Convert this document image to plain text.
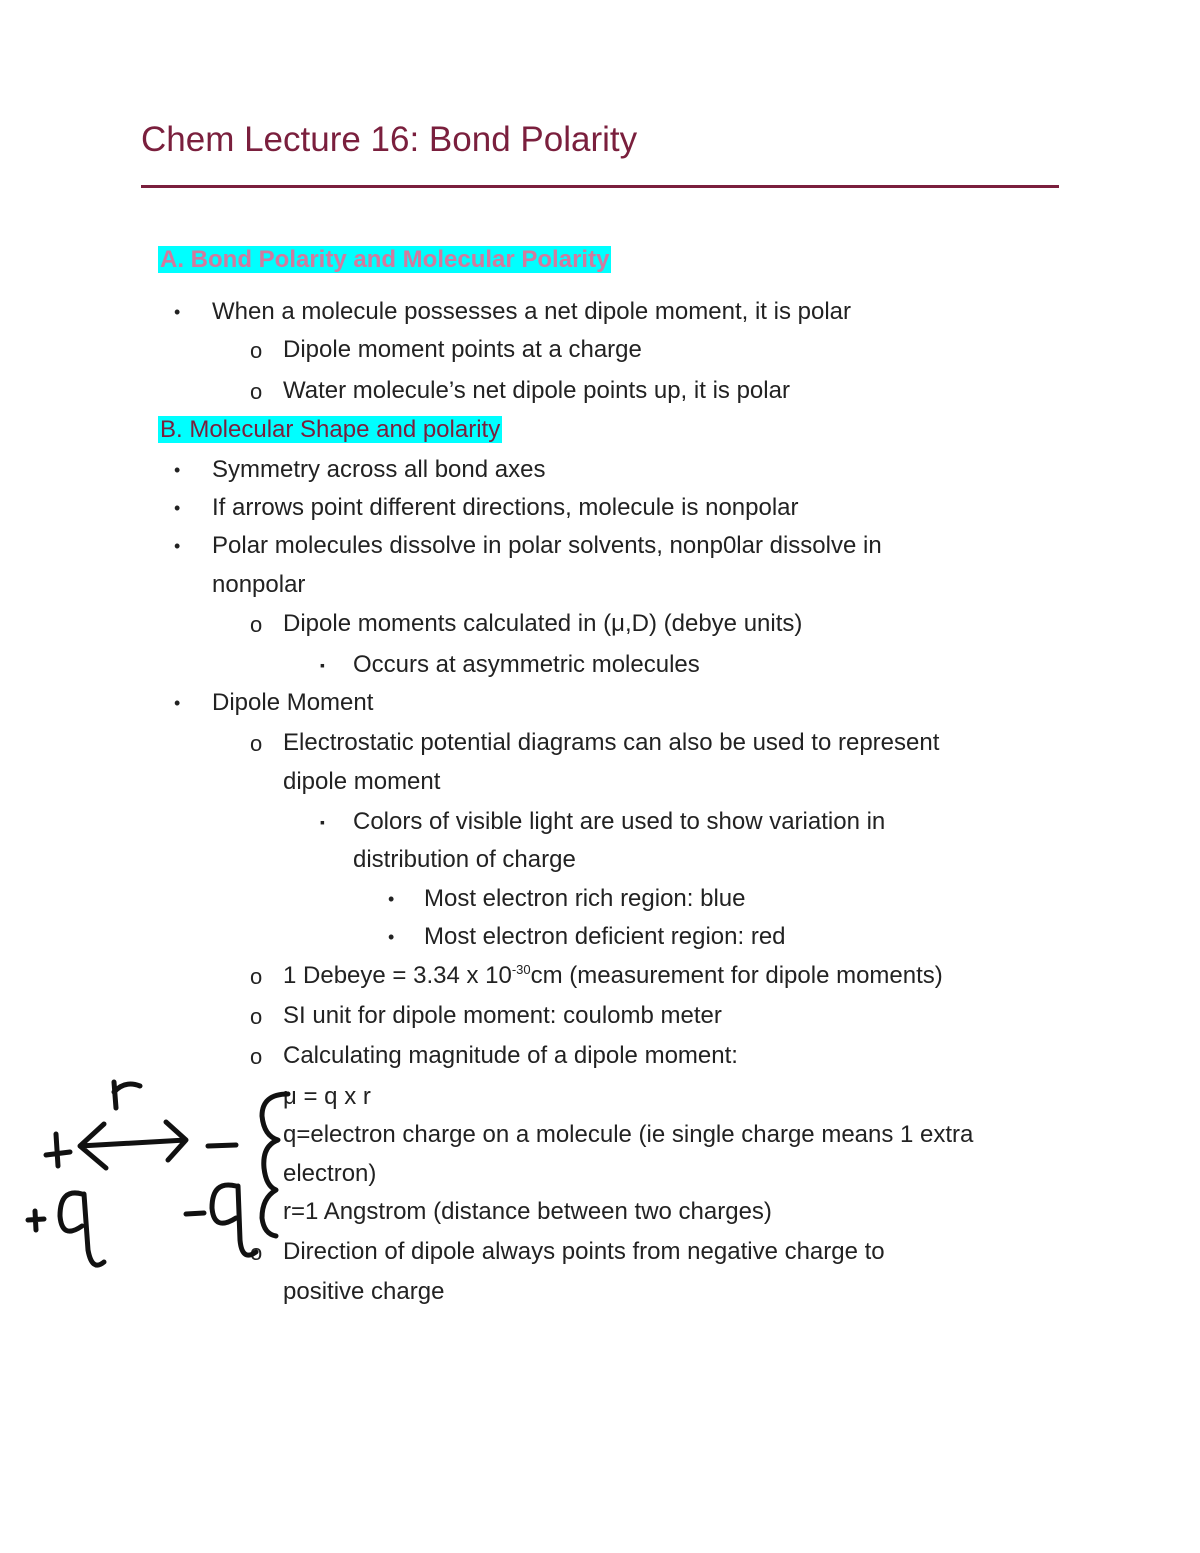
Chem Lecture 16: Bond Polarity
A. Bond Polarity and Molecular Polarity
• When a molecule possesses a net dipole moment, it is polar
o Dipole moment points at a charge
o Water molecule’s net dipole points up, it is polar
B. Molecular Shape and polarity
• Symmetry across all bond axes
• If arrows point different directions, molecule is nonpolar
• Polar molecules dissolve in polar solvents, nonp0lar dissolve in
nonpolar
o Dipole moments calculated in (μ,D) (debye units)
▪ Occurs at asymmetric molecules
• Dipole Moment
o Electrostatic potential diagrams can also be used to represent
dipole moment
▪ Colors of visible light are used to show variation in
distribution of charge
• Most electron rich region: blue
• Most electron deficient region: red
o 1 Debeye = 3.34 x $10^{-30}cm$ (measurement for dipole moments)
o SI unit for dipole moment: coulomb meter
o Calculating magnitude of a dipole moment:
μ = q x r
q=electron charge on a molecule (ie single charge means 1 extra
electron)
r=1 Angstrom (distance between two charges)
o Direction of dipole always points from negative charge to
positive charge
